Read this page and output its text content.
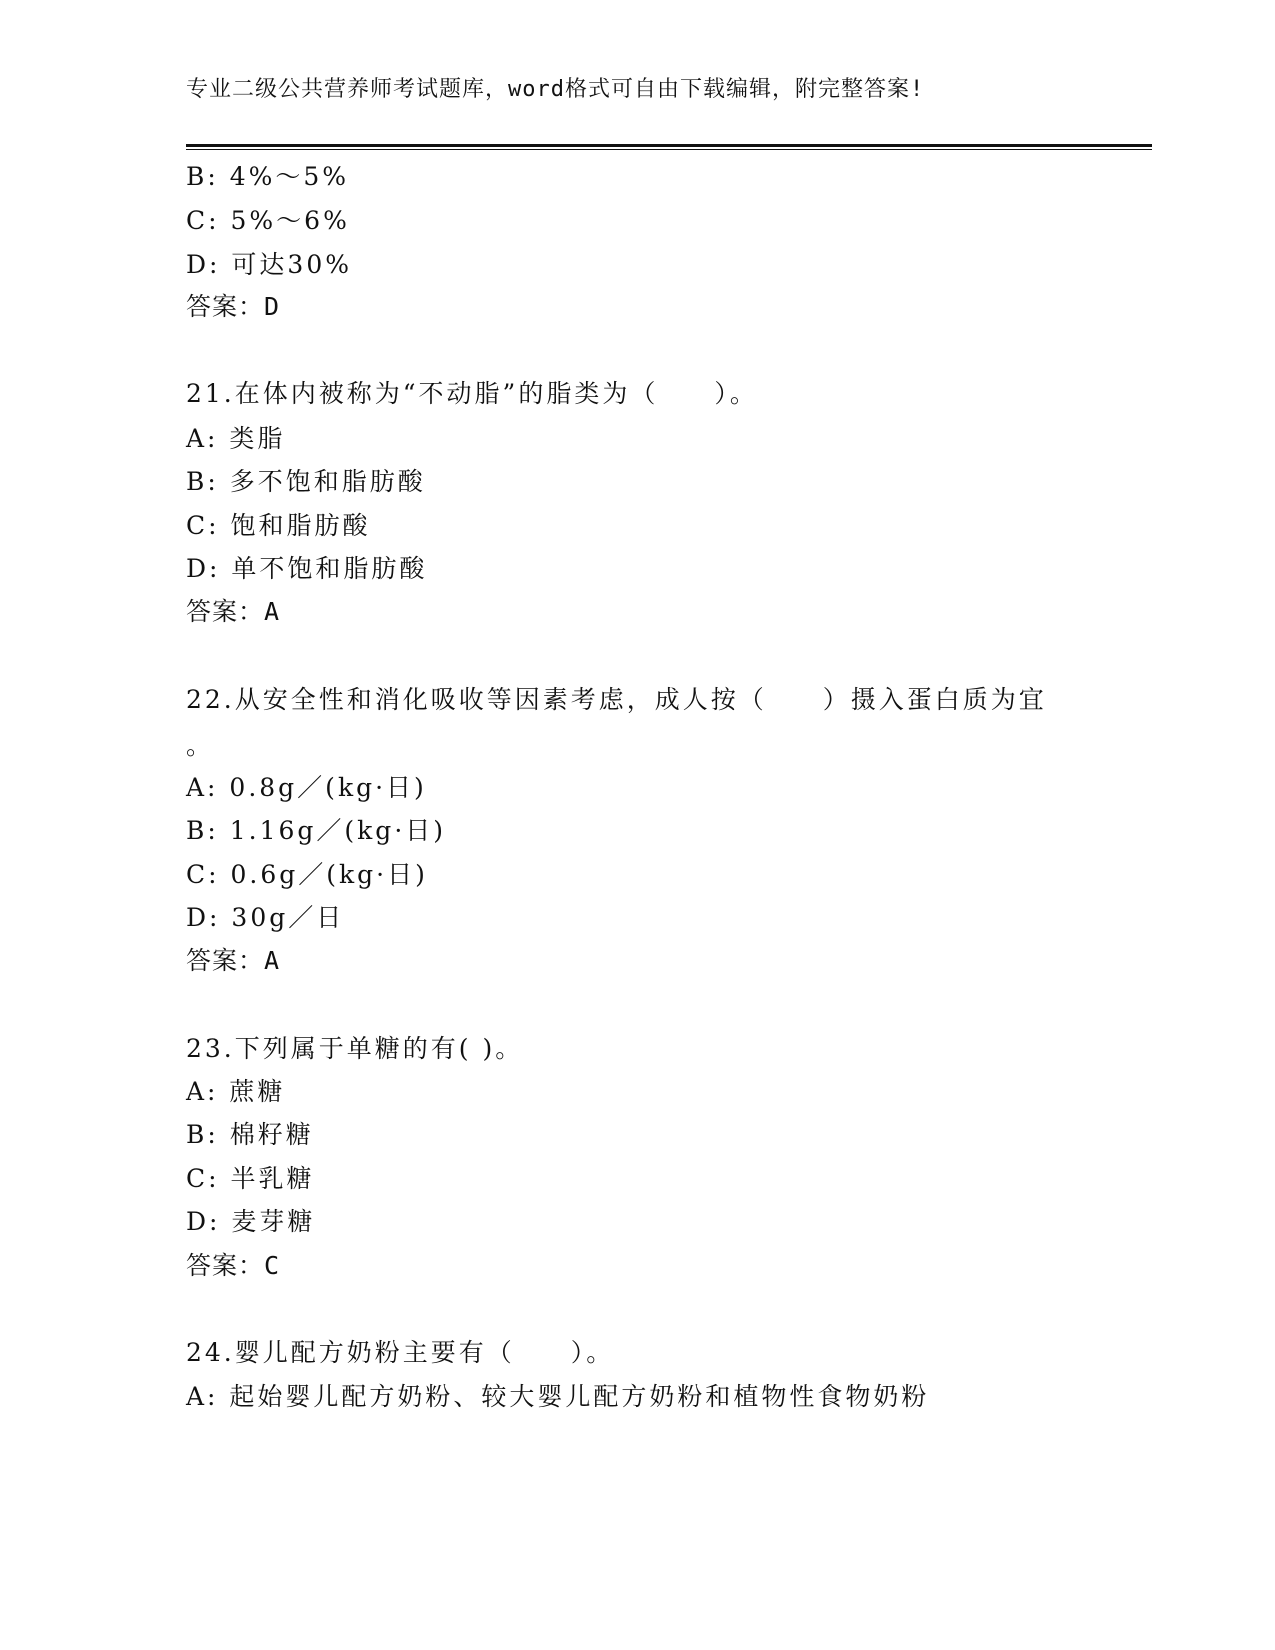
专业二级公共营养师考试题库，word格式可自由下载编辑，附完整答案!
B: 4%～5%
C: 5%～6%
D: 可达30%
答案：D
21.在体内被称为“不动脂”的脂类为（　　）。
A: 类脂
B: 多不饱和脂肪酸
C: 饱和脂肪酸
D: 单不饱和脂肪酸
答案：A
22.从安全性和消化吸收等因素考虑，成人按（　　）摄入蛋白质为宜
。
A: 0.8g／(kg·日)
B: 1.16g／(kg·日)
C: 0.6g／(kg·日)
D: 30g／日
答案：A
23.下列属于单糖的有( )。
A: 蔗糖
B: 棉籽糖
C: 半乳糖
D: 麦芽糖
答案：C
24.婴儿配方奶粉主要有（　　）。
A: 起始婴儿配方奶粉、较大婴儿配方奶粉和植物性食物奶粉
